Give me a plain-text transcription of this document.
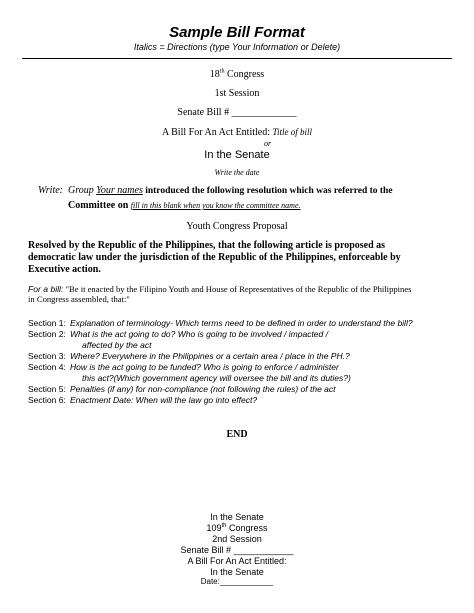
Sample Bill Format
Italics = Directions (type Your Information or Delete)
18th Congress
1st Session
Senate Bill # _____________
A Bill For An Act Entitled: Title of bill
or
In the Senate
Write the date
Write: Group Your names introduced the following resolution which was referred to the
Committee on fill in this blank when you know the committee name.
Youth Congress Proposal
Resolved by the Republic of the Philippines, that the following article is proposed as
democratic law under the jurisdiction of the Republic of the Philippines, enforceable by
Executive action.
For a bill: "Be it enacted by the Filipino Youth and House of Representatives of the Republic of the Philippines
in Congress assembled, that:"
Section 1: Explanation of terminology- Which terms need to be defined in order to understand the bill?
Section 2: What is the act going to do? Who is going to be involved / impacted /
affected by the act
Section 3: Where? Everywhere in the Philippines or a certain area / place in the PH.?
Section 4: How is the act going to be funded? Who is going to enforce / administer
this act?(Which government agency will oversee the bill and its duties?)
Section 5: Penalties (if any) for non-compliance (not following the rules) of the act
Section 6: Enactment Date: When will the law go into effect?
END
In the Senate
109th Congress
2nd Session
Senate Bill # ____________
A Bill For An Act Entitled:
In the Senate
Date:____________
